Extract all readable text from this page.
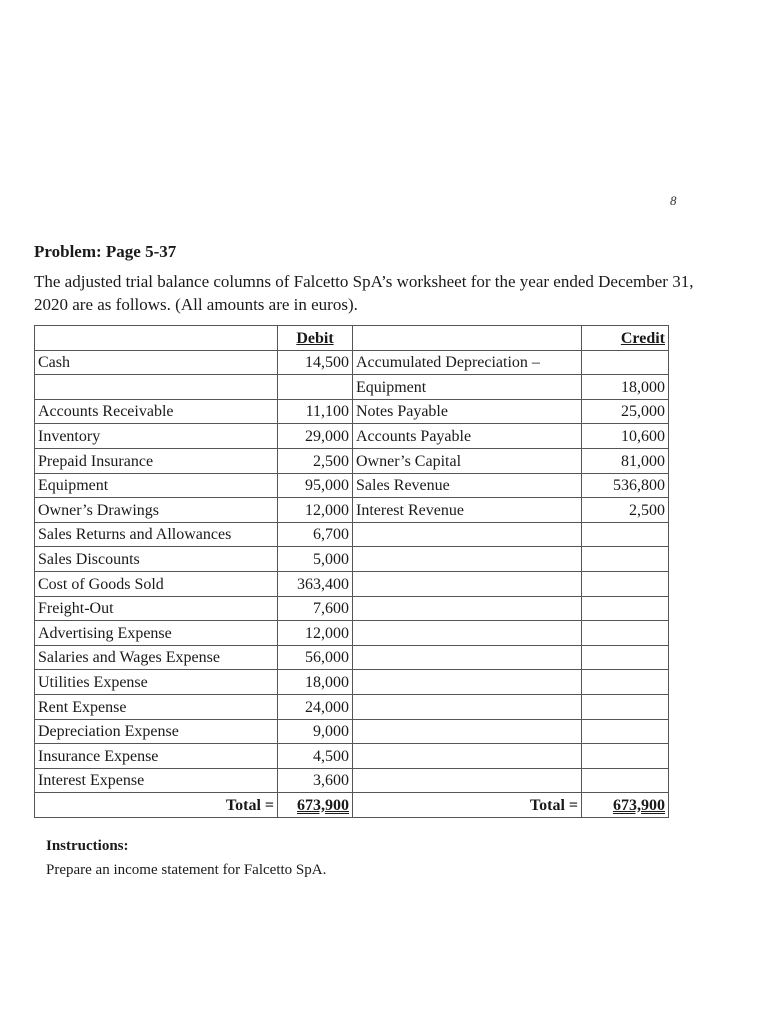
8
Problem: Page 5-37
The adjusted trial balance columns of Falcetto SpA’s worksheet for the year ended December 31, 2020 are as follows. (All amounts are in euros).
	Debit		Credit
Cash	14,500	Accumulated Depreciation –	
		Equipment	18,000
Accounts Receivable	11,100	Notes Payable	25,000
Inventory	29,000	Accounts Payable	10,600
Prepaid Insurance	2,500	Owner’s Capital	81,000
Equipment	95,000	Sales Revenue	536,800
Owner’s Drawings	12,000	Interest Revenue	2,500
Sales Returns and Allowances	6,700		
Sales Discounts	5,000		
Cost of Goods Sold	363,400		
Freight-Out	7,600		
Advertising Expense	12,000		
Salaries and Wages Expense	56,000		
Utilities Expense	18,000		
Rent Expense	24,000		
Depreciation Expense	9,000		
Insurance Expense	4,500		
Interest Expense	3,600		
Total =	673,900	Total =	673,900
Instructions:
Prepare an income statement for Falcetto SpA.
